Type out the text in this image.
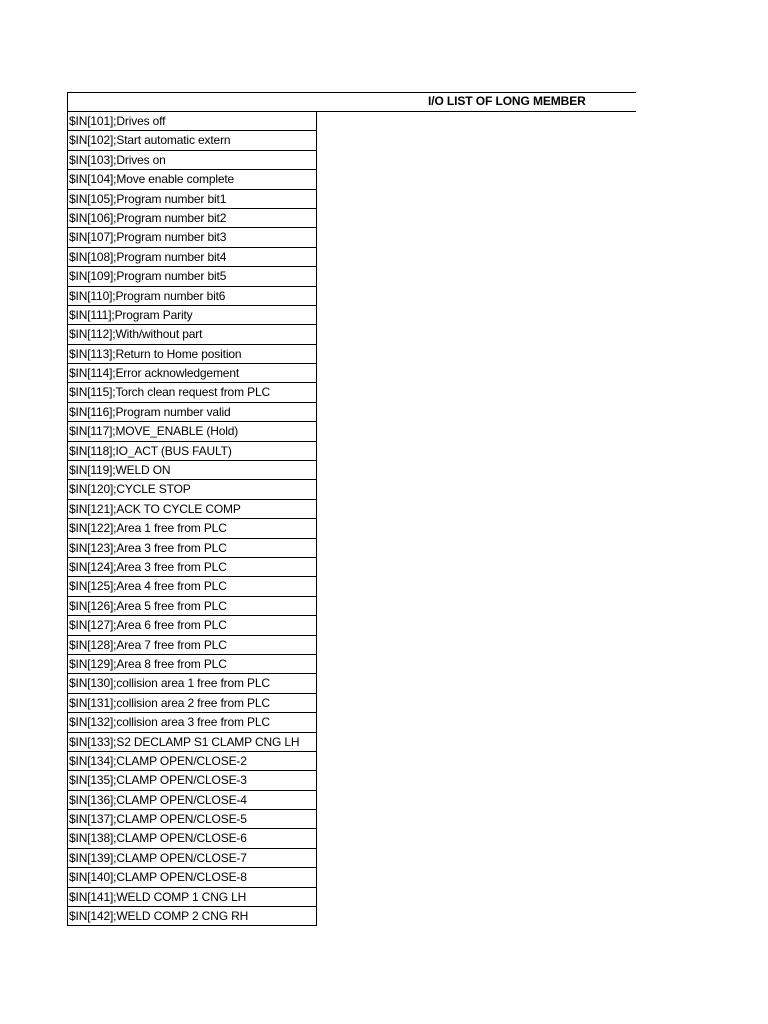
I/O LIST OF LONG MEMBER
$IN[101];Drives off
$IN[102];Start automatic extern
$IN[103];Drives on
$IN[104];Move enable complete
$IN[105];Program number bit1
$IN[106];Program number bit2
$IN[107];Program number bit3
$IN[108];Program number bit4
$IN[109];Program number bit5
$IN[110];Program number bit6
$IN[111];Program Parity
$IN[112];With/without part
$IN[113];Return to Home position
$IN[114];Error acknowledgement
$IN[115];Torch clean request from PLC
$IN[116];Program number valid
$IN[117];MOVE_ENABLE (Hold)
$IN[118];IO_ACT (BUS FAULT)
$IN[119];WELD ON
$IN[120];CYCLE STOP
$IN[121];ACK TO CYCLE COMP
$IN[122];Area 1 free from PLC
$IN[123];Area 3 free from PLC
$IN[124];Area 3 free from PLC
$IN[125];Area 4 free from PLC
$IN[126];Area 5 free from PLC
$IN[127];Area 6 free from PLC
$IN[128];Area 7 free from PLC
$IN[129];Area 8 free from PLC
$IN[130];collision area 1 free from PLC
$IN[131];collision area 2 free from PLC
$IN[132];collision area 3 free from PLC
$IN[133];S2 DECLAMP S1 CLAMP CNG LH
$IN[134];CLAMP OPEN/CLOSE-2
$IN[135];CLAMP OPEN/CLOSE-3
$IN[136];CLAMP OPEN/CLOSE-4
$IN[137];CLAMP OPEN/CLOSE-5
$IN[138];CLAMP OPEN/CLOSE-6
$IN[139];CLAMP OPEN/CLOSE-7
$IN[140];CLAMP OPEN/CLOSE-8
$IN[141];WELD COMP 1 CNG LH
$IN[142];WELD COMP 2 CNG RH
